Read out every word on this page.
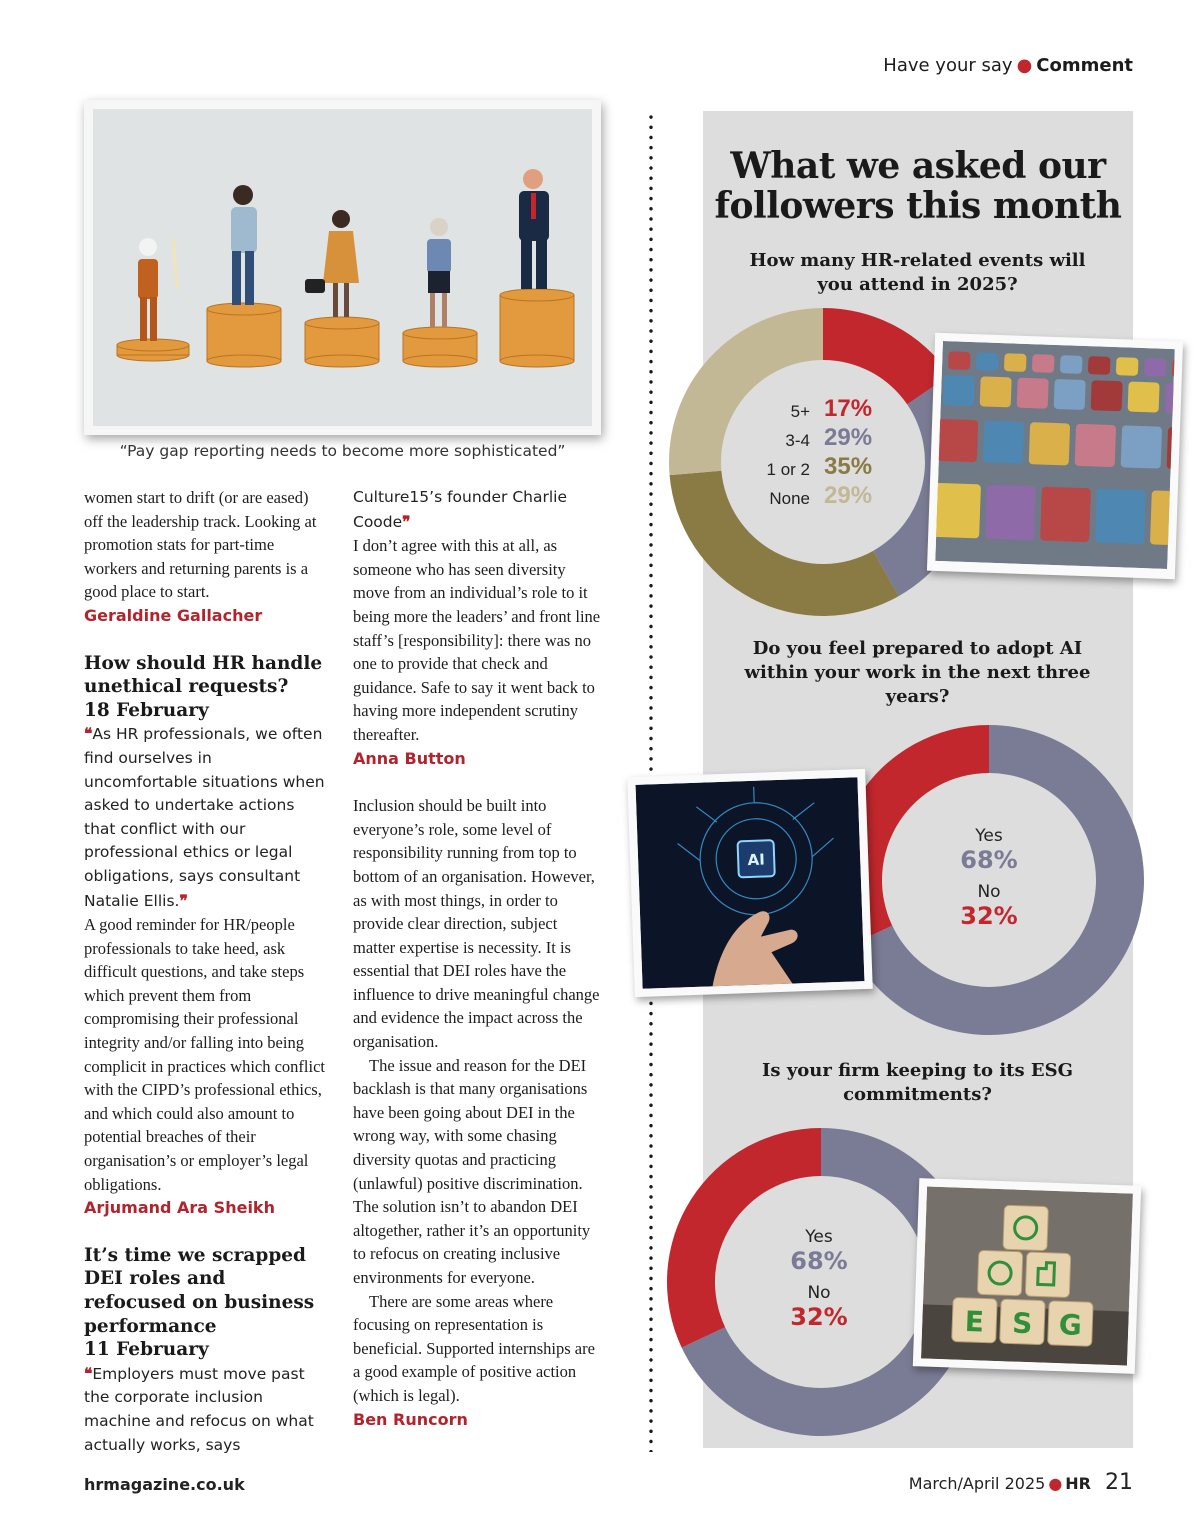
Have your say ● Comment
“Pay gap reporting needs to become more sophisticated”

women start to drift (or are eased) off the leadership track. Looking at promotion stats for part-time workers and returning parents is a good place to start.

Geraldine Gallacher

How should HR handle unethical requests?
18 February

❝As HR professionals, we often find ourselves in uncomfortable situations when asked to undertake actions that conflict with our professional ethics or legal obligations, says consultant Natalie Ellis.❞

A good reminder for HR/people professionals to take heed, ask difficult questions, and take steps which prevent them from compromising their professional integrity and/or falling into being complicit in practices which conflict with the CIPD’s professional ethics, and which could also amount to potential breaches of their organisation’s or employer’s legal obligations.

Arjumand Ara Sheikh

It’s time we scrapped DEI roles and refocused on business performance
11 February

❝Employers must move past the corporate inclusion machine and refocus on what actually works, says

Culture15’s founder Charlie Coode❞

I don’t agree with this at all, as someone who has seen diversity move from an individual’s role to it being more the leaders’ and front line staff’s [responsibility]: there was no one to provide that check and guidance. Safe to say it went back to having more independent scrutiny thereafter.

Anna Button

Inclusion should be built into everyone’s role, some level of responsibility running from top to bottom of an organisation. However, as with most things, in order to provide clear direction, subject matter expertise is necessity. It is essential that DEI roles have the influence to drive meaningful change and evidence the impact across the organisation.

The issue and reason for the DEI backlash is that many organisations have been going about DEI in the wrong way, with some chasing diversity quotas and practicing (unlawful) positive discrimination. The solution isn’t to abandon DEI altogether, rather it’s an opportunity to refocus on creating inclusive environments for everyone.

There are some areas where focusing on representation is beneficial. Supported internships are a good example of positive action (which is legal).

Ben Runcorn

What we asked our followers this month
How many HR-related events will you attend in 2025?
5+ 17%
3-4 29%
1 or 2 35%
None 29%
Do you feel prepared to adopt AI within your work in the next three years?
Yes
68%
No
32%
AI
Is your firm keeping to its ESG commitments?
Yes
68%
No
32%	E S G
hrmagazine.co.uk	March/April 2025 ● HR 21
